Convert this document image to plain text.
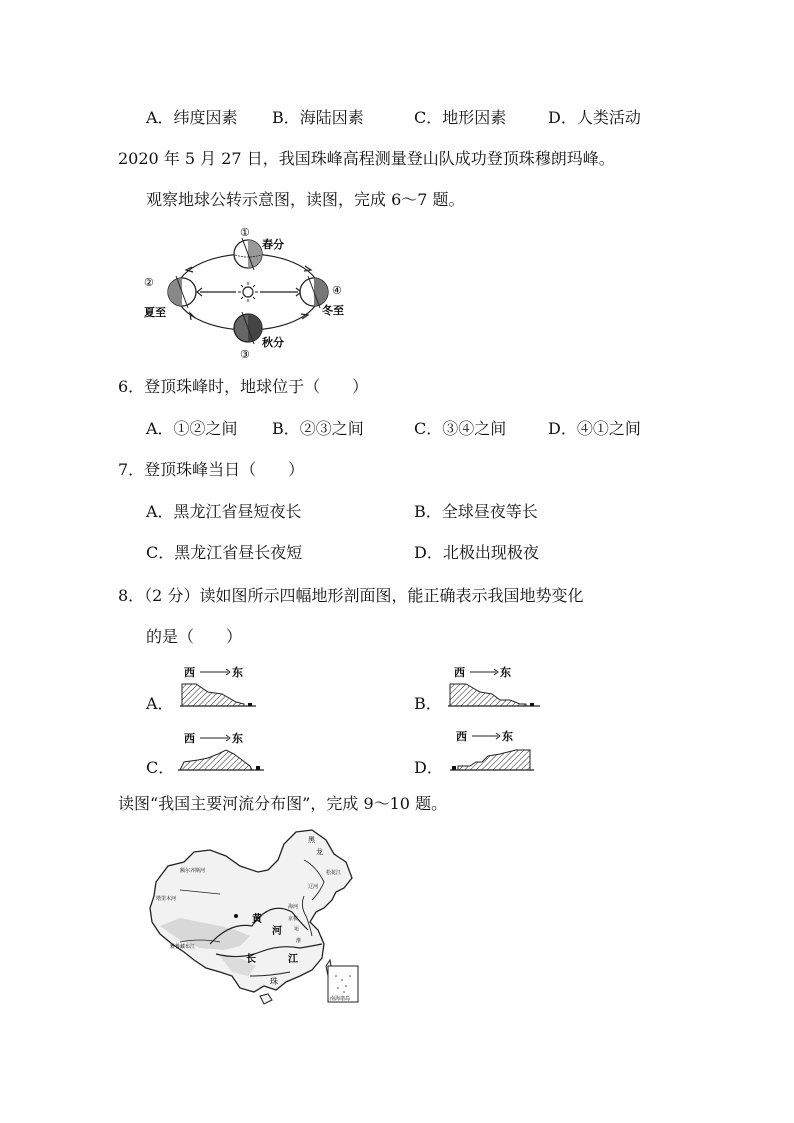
A．纬度因素 B．海陆因素	C．地形因素	D．人类活动
2020 年 5 月 27 日，我国珠峰高程测量登山队成功登顶珠穆朗玛峰。
观察地球公转示意图，读图，完成 6～7 题。
①
春分
②
夏至
③
秋分
④
冬至
6．登顶珠峰时，地球位于（　　）
A．①②之间 B．②③之间	C．③④之间	D．④①之间
7．登顶珠峰当日（　　）
A．黑龙江省昼短夜长	B．全球昼夜等长
C．黑龙江省昼长夜短	D．北极出现极夜
8．（2 分）读如图所示四幅地形剖面图，能正确表示我国地势变化
的是（　　）
A．	B．
C．	D．
西	东	西	东
西	东	西	东
读图“我国主要河流分布图”，完成 9～10 题。
塔里木河
额尔齐斯河
雅鲁藏布江
黄
河
长	江
黑
龙
松花江
辽河
海河
京杭
运
淮
珠
南海诸岛
